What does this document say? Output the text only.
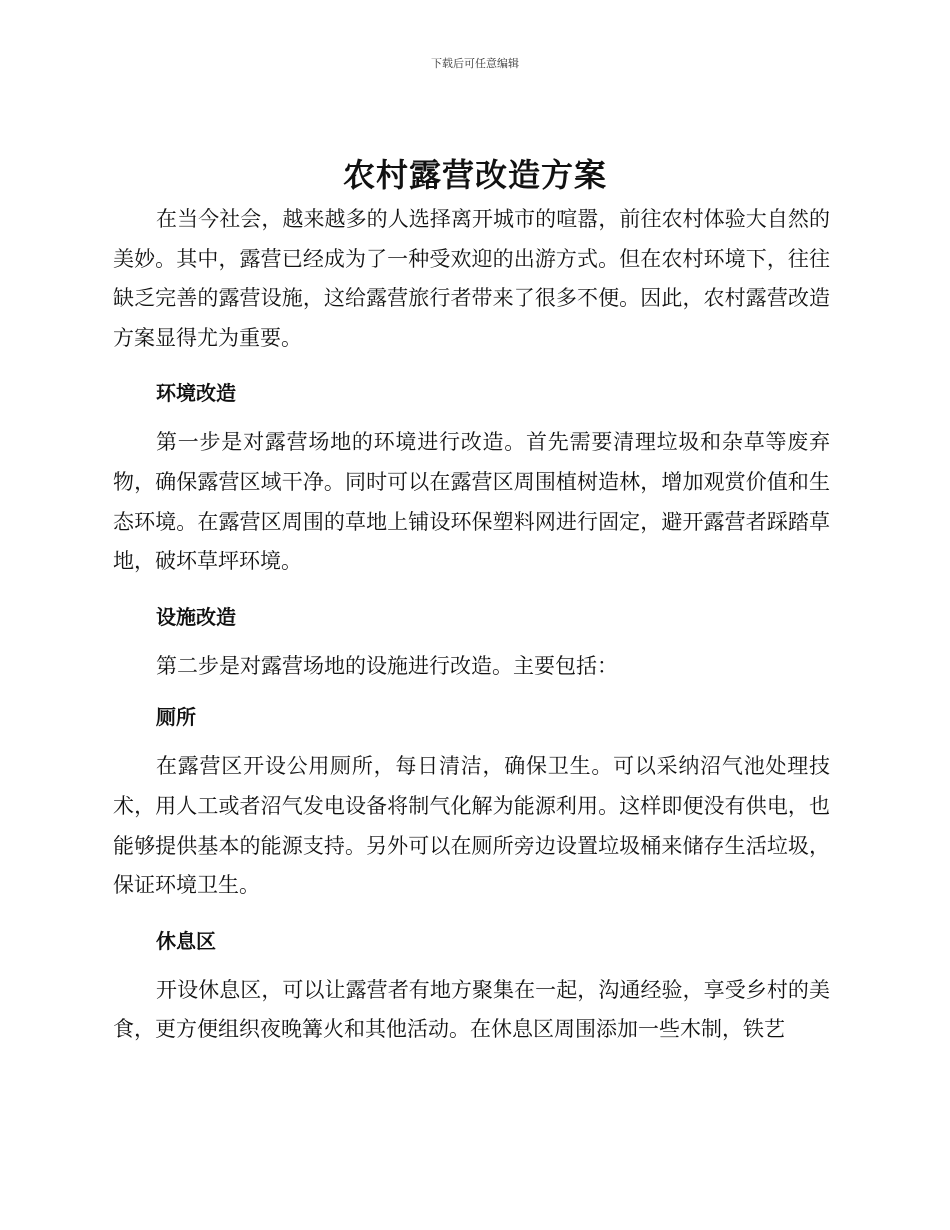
下载后可任意编辑
农村露营改造方案

在当今社会，越来越多的人选择离开城市的喧嚣，前往农村体验大自然的美妙。其中，露营已经成为了一种受欢迎的出游方式。但在农村环境下，往往缺乏完善的露营设施，这给露营旅行者带来了很多不便。因此，农村露营改造方案显得尤为重要。

环境改造

第一步是对露营场地的环境进行改造。首先需要清理垃圾和杂草等废弃物，确保露营区域干净。同时可以在露营区周围植树造林，增加观赏价值和生态环境。在露营区周围的草地上铺设环保塑料网进行固定，避开露营者踩踏草地，破坏草坪环境。

设施改造

第二步是对露营场地的设施进行改造。主要包括：

厕所

在露营区开设公用厕所，每日清洁，确保卫生。可以采纳沼气池处理技术，用人工或者沼气发电设备将制气化解为能源利用。这样即便没有供电，也能够提供基本的能源支持。另外可以在厕所旁边设置垃圾桶来储存生活垃圾，保证环境卫生。

休息区

开设休息区，可以让露营者有地方聚集在一起，沟通经验，享受乡村的美食，更方便组织夜晚篝火和其他活动。在休息区周围添加一些木制，铁艺
